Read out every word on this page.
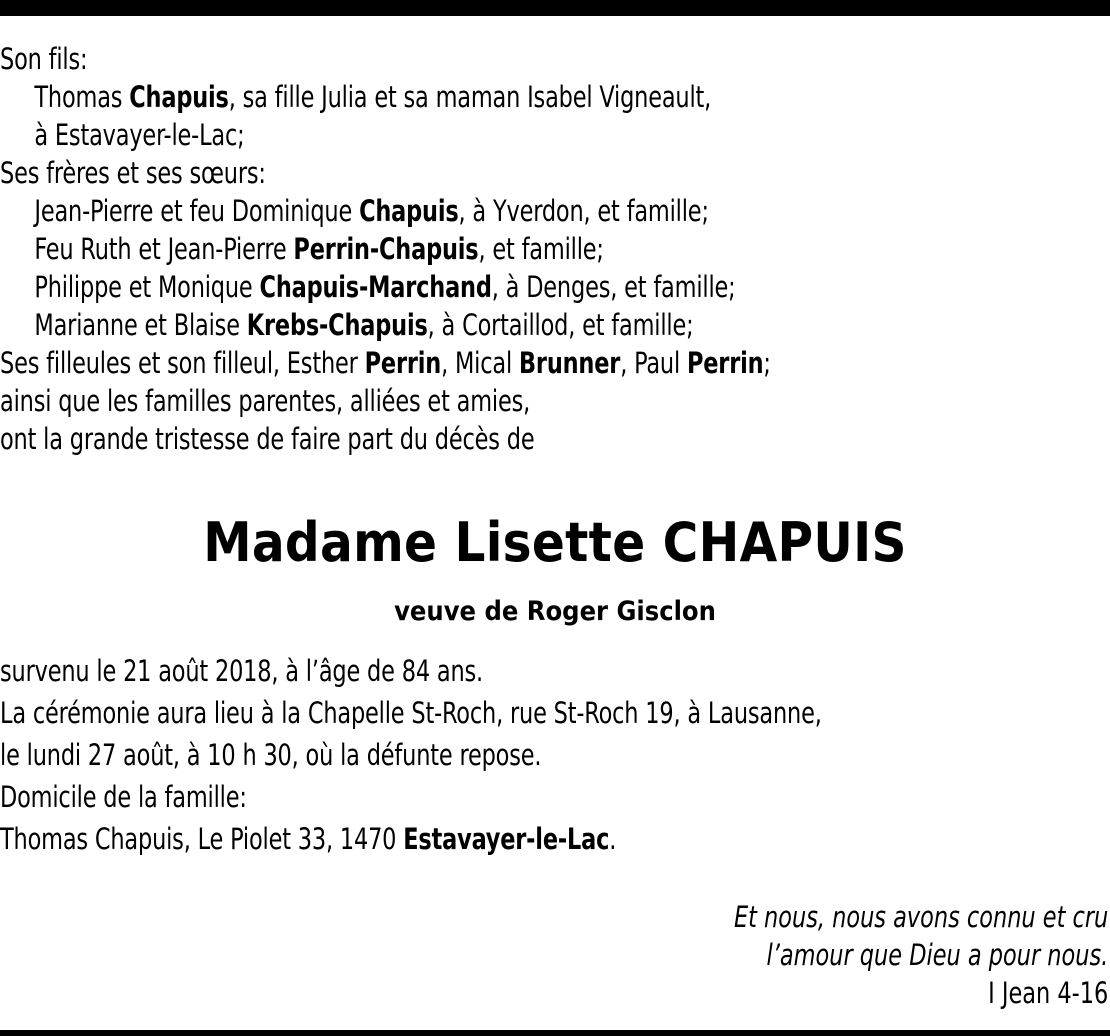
Son fils:
Thomas Chapuis, sa fille Julia et sa maman Isabel Vigneault,
à Estavayer-le-Lac;
Ses frères et ses sœurs:
Jean-Pierre et feu Dominique Chapuis, à Yverdon, et famille;
Feu Ruth et Jean-Pierre Perrin-Chapuis, et famille;
Philippe et Monique Chapuis-Marchand, à Denges, et famille;
Marianne et Blaise Krebs-Chapuis, à Cortaillod, et famille;
Ses filleules et son filleul, Esther Perrin, Mical Brunner, Paul Perrin;
ainsi que les familles parentes, alliées et amies,
ont la grande tristesse de faire part du décès de
Madame Lisette CHAPUIS
veuve de Roger Gisclon
survenu le 21 août 2018, à l’âge de 84 ans.
La cérémonie aura lieu à la Chapelle St-Roch, rue St-Roch 19, à Lausanne,
le lundi 27 août, à 10 h 30, où la défunte repose.
Domicile de la famille:
Thomas Chapuis, Le Piolet 33, 1470 Estavayer-le-Lac.
Et nous, nous avons connu et cru
l’amour que Dieu a pour nous.
I Jean 4-16
